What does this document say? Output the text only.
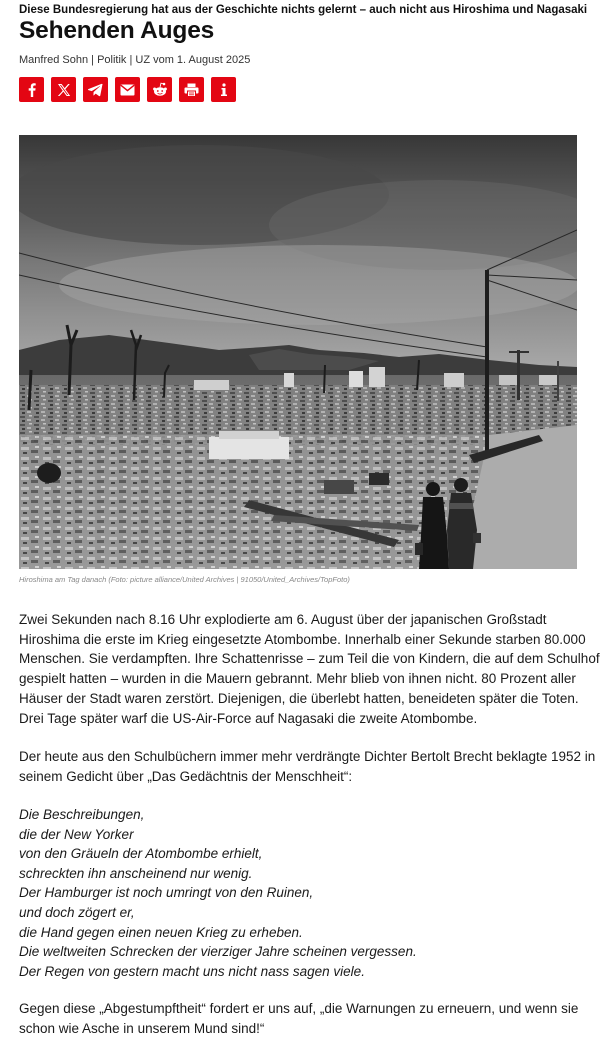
Diese Bundesregierung hat aus der Geschichte nichts gelernt – auch nicht aus Hiroshima und Nagasaki
Sehenden Auges
Manfred Sohn | Politik | UZ vom 1. August 2025
Hiroshima am Tag danach (Foto: picture alliance/United Archives | 91050/United_Archives/TopFoto)

Zwei Sekunden nach 8.16 Uhr explodierte am 6. August über der japanischen Großstadt Hiroshima die erste im Krieg eingesetzte Atombombe. Innerhalb einer Sekunde starben 80.000 Menschen. Sie verdampften. Ihre Schattenrisse – zum Teil die von Kindern, die auf dem Schulhof gespielt hatten – wurden in die Mauern gebrannt. Mehr blieb von ihnen nicht. 80 Prozent aller Häuser der Stadt waren zerstört. Diejenigen, die überlebt hatten, beneideten später die Toten. Drei Tage später warf die US-Air-Force auf Nagasaki die zweite Atombombe.

Der heute aus den Schulbüchern immer mehr verdrängte Dichter Bertolt Brecht beklagte 1952 in seinem Gedicht über „Das Gedächtnis der Menschheit“:

Die Beschreibungen,
die der New Yorker
von den Gräueln der Atombombe erhielt,
schreckten ihn anscheinend nur wenig.
Der Hamburger ist noch umringt von den Ruinen,
und doch zögert er,
die Hand gegen einen neuen Krieg zu erheben.
Die weltweiten Schrecken der vierziger Jahre scheinen vergessen.
Der Regen von gestern macht uns nicht nass sagen viele.

Gegen diese „Abgestumpftheit“ fordert er uns auf, „die Warnungen zu erneuern, und wenn sie schon wie Asche in unserem Mund sind!“
